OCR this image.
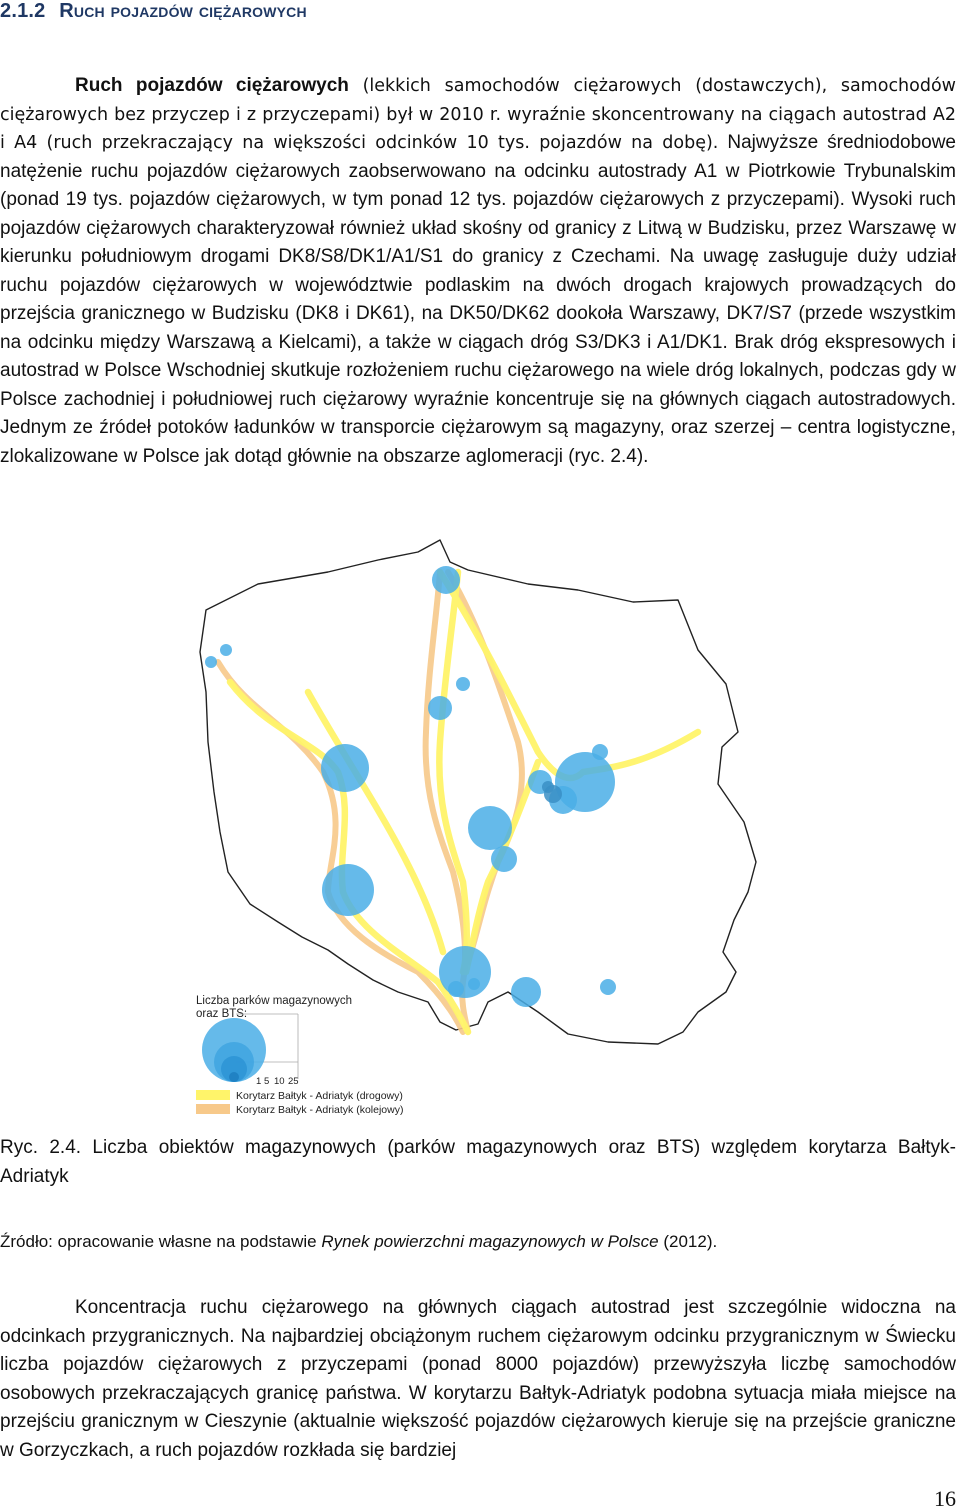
2.1.2 Ruch pojazdów ciężarowych

Ruch pojazdów ciężarowych (lekkich samochodów ciężarowych (dostawczych), samochodów ciężarowych bez przyczep i z przyczepami) był w 2010 r. wyraźnie skoncentrowany na ciągach autostrad A2 i A4 (ruch przekraczający na większości odcinków 10 tys. pojazdów na dobę). Najwyższe średniodobowe natężenie ruchu pojazdów ciężarowych zaobserwowano na odcinku autostrady A1 w Piotrkowie Trybunalskim (ponad 19 tys. pojazdów ciężarowych, w tym ponad 12 tys. pojazdów ciężarowych z przyczepami). Wysoki ruch pojazdów ciężarowych charakteryzował również układ skośny od granicy z Litwą w Budzisku, przez Warszawę w kierunku południowym drogami DK8/S8/DK1/A1/S1 do granicy z Czechami. Na uwagę zasługuje duży udział ruchu pojazdów ciężarowych w województwie podlaskim na dwóch drogach krajowych prowadzących do przejścia granicznego w Budzisku (DK8 i DK61), na DK50/DK62 dookoła Warszawy, DK7/S7 (przede wszystkim na odcinku między Warszawą a Kielcami), a także w ciągach dróg S3/DK3 i A1/DK1. Brak dróg ekspresowych i autostrad w Polsce Wschodniej skutkuje rozłożeniem ruchu ciężarowego na wiele dróg lokalnych, podczas gdy w Polsce zachodniej i południowej ruch ciężarowy wyraźnie koncentruje się na głównych ciągach autostradowych. Jednym ze źródeł potoków ładunków w transporcie ciężarowym są magazyny, oraz szerzej – centra logistyczne, zlokalizowane w Polsce jak dotąd głównie na obszarze aglomeracji (ryc. 2.4).

Liczba parków magazynowych
oraz BTS:
1 5 10 25
Korytarz Bałtyk - Adriatyk (drogowy)
Korytarz Bałtyk - Adriatyk (kolejowy)

Ryc. 2.4. Liczba obiektów magazynowych (parków magazynowych oraz BTS) względem korytarza Bałtyk-Adriatyk

Źródło: opracowanie własne na podstawie Rynek powierzchni magazynowych w Polsce (2012).

Koncentracja ruchu ciężarowego na głównych ciągach autostrad jest szczególnie widoczna na odcinkach przygranicznych. Na najbardziej obciążonym ruchem ciężarowym odcinku przygranicznym w Świecku liczba pojazdów ciężarowych z przyczepami (ponad 8000 pojazdów) przewyższyła liczbę samochodów osobowych przekraczających granicę państwa. W korytarzu Bałtyk-Adriatyk podobna sytuacja miała miejsce na przejściu granicznym w Cieszynie (aktualnie większość pojazdów ciężarowych kieruje się na przejście graniczne w Gorzyczkach, a ruch pojazdów rozkłada się bardziej

16
